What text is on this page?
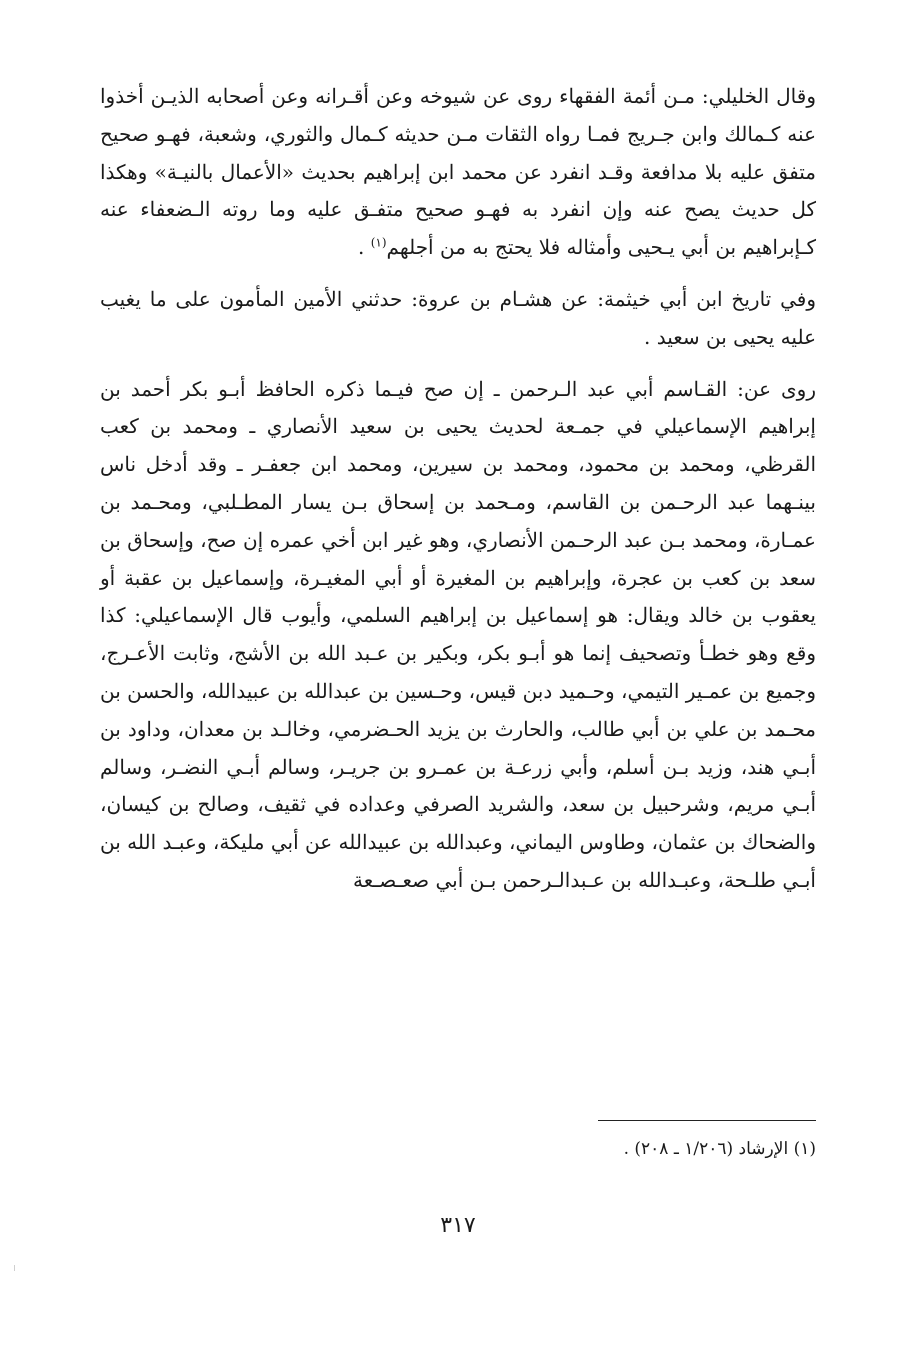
وقال الخليلي: مـن أئمة الفقهاء روى عن شيوخه وعن أقـرانه وعن أصحابه الذيـن أخذوا عنه كـمالك وابن جـريج فمـا رواه الثقات مـن حديثه كـمال والثوري، وشعبة، فهـو صحيح متفق عليه بلا مدافعة وقـد انفرد عن محمد ابن إبراهيم بحديث «الأعمال بالنيـة» وهكذا كل حديث يصح عنه وإن انفرد به فهـو صحيح متفـق عليه وما روته الـضعفاء عنه كـإبراهيم بن أبي يـحيى وأمثاله فلا يحتج به من أجلهم$^{(١)}$ .

وفي تاريخ ابن أبي خيثمة: عن هشـام بن عروة: حدثني الأمين المأمون على ما يغيب عليه يحيى بن سعيد .

روى عن: القـاسم أبي عبد الـرحمن ـ إن صح فيـما ذكره الحافظ أبـو بكر أحمد بن إبراهيم الإسماعيلي في جمـعة لحديث يحيى بن سعيد الأنصاري ـ ومحمد بن كعب القرظي، ومحمد بن محمود، ومحمد بن سيرين، ومحمد ابن جعفـر ـ وقد أدخل ناس بينـهما عبد الرحـمن بن القاسم، ومـحمد بن إسحاق بـن يسار المطـلبي، ومحـمد بن عمـارة، ومحمد بـن عبد الرحـمن الأنصاري، وهو غير ابن أخي عمره إن صح، وإسحاق بن سعد بن كعب بن عجرة، وإبراهيم بن المغيرة أو أبي المغيـرة، وإسماعيل بن عقبة أو يعقوب بن خالد ويقال: هو إسماعيل بن إبراهيم السلمي، وأيوب قال الإسماعيلي: كذا وقع وهو خطـأ وتصحيف إنما هو أبـو بكر، وبكير بن عـبد الله بن الأشج، وثابت الأعـرج، وجميع بن عمـير التيمي، وحـميد دبن قيس، وحـسين بن عبدالله بن عبيدالله، والحسن بن محـمد بن علي بن أبي طالب، والحارث بن يزيد الحـضرمي، وخالـد بن معدان، وداود بن أبـي هند، وزيد بـن أسلم، وأبي زرعـة بن عمـرو بن جريـر، وسالم أبـي النضـر، وسالم أبـي مريم، وشرحبيل بن سعد، والشريد الصرفي وعداده في ثقيف، وصالح بن كيسان، والضحاك بن عثمان، وطاوس اليماني، وعبدالله بن عبيدالله عن أبي مليكة، وعبـد الله بن أبـي طلـحة، وعبـدالله بن عـبدالـرحمن بـن أبي صعـصـعة

(١) الإرشاد (١/٢٠٦ ـ ٢٠٨) .

٣١٧
